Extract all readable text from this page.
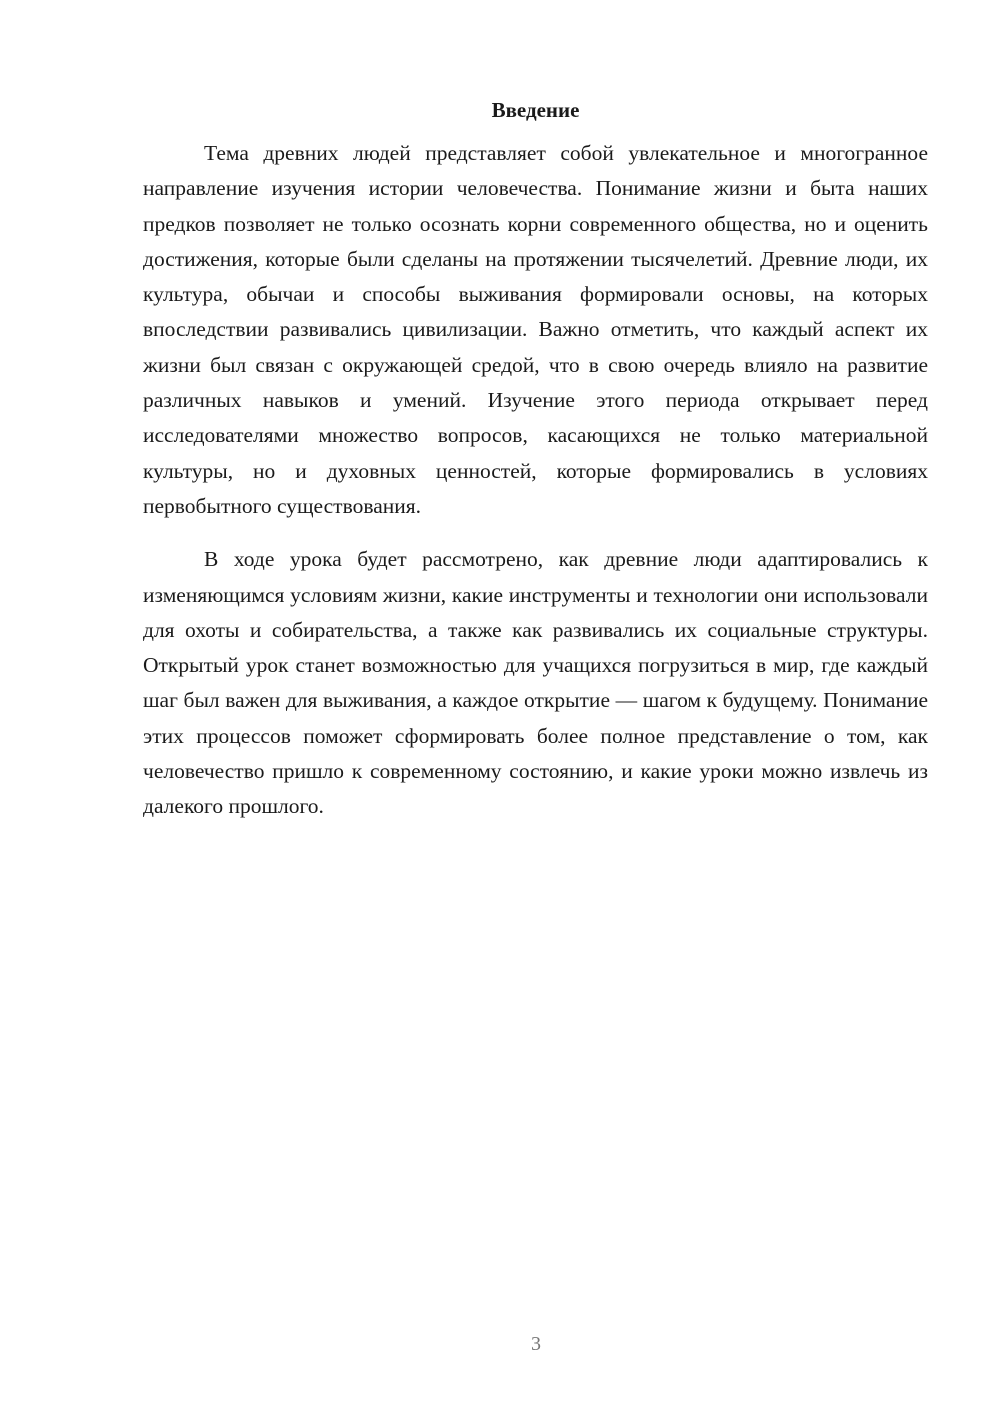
Введение

Тема древних людей представляет собой увлекательное и многогранное направление изучения истории человечества. Понимание жизни и быта наших предков позволяет не только осознать корни современного общества, но и оценить достижения, которые были сделаны на протяжении тысячелетий. Древние люди, их культура, обычаи и способы выживания формировали основы, на которых впоследствии развивались цивилизации. Важно отметить, что каждый аспект их жизни был связан с окружающей средой, что в свою очередь влияло на развитие различных навыков и умений. Изучение этого периода открывает перед исследователями множество вопросов, касающихся не только материальной культуры, но и духовных ценностей, которые формировались в условиях первобытного существования.

В ходе урока будет рассмотрено, как древние люди адаптировались к изменяющимся условиям жизни, какие инструменты и технологии они использовали для охоты и собирательства, а также как развивались их социальные структуры. Открытый урок станет возможностью для учащихся погрузиться в мир, где каждый шаг был важен для выживания, а каждое открытие — шагом к будущему. Понимание этих процессов поможет сформировать более полное представление о том, как человечество пришло к современному состоянию, и какие уроки можно извлечь из далекого прошлого.

3
